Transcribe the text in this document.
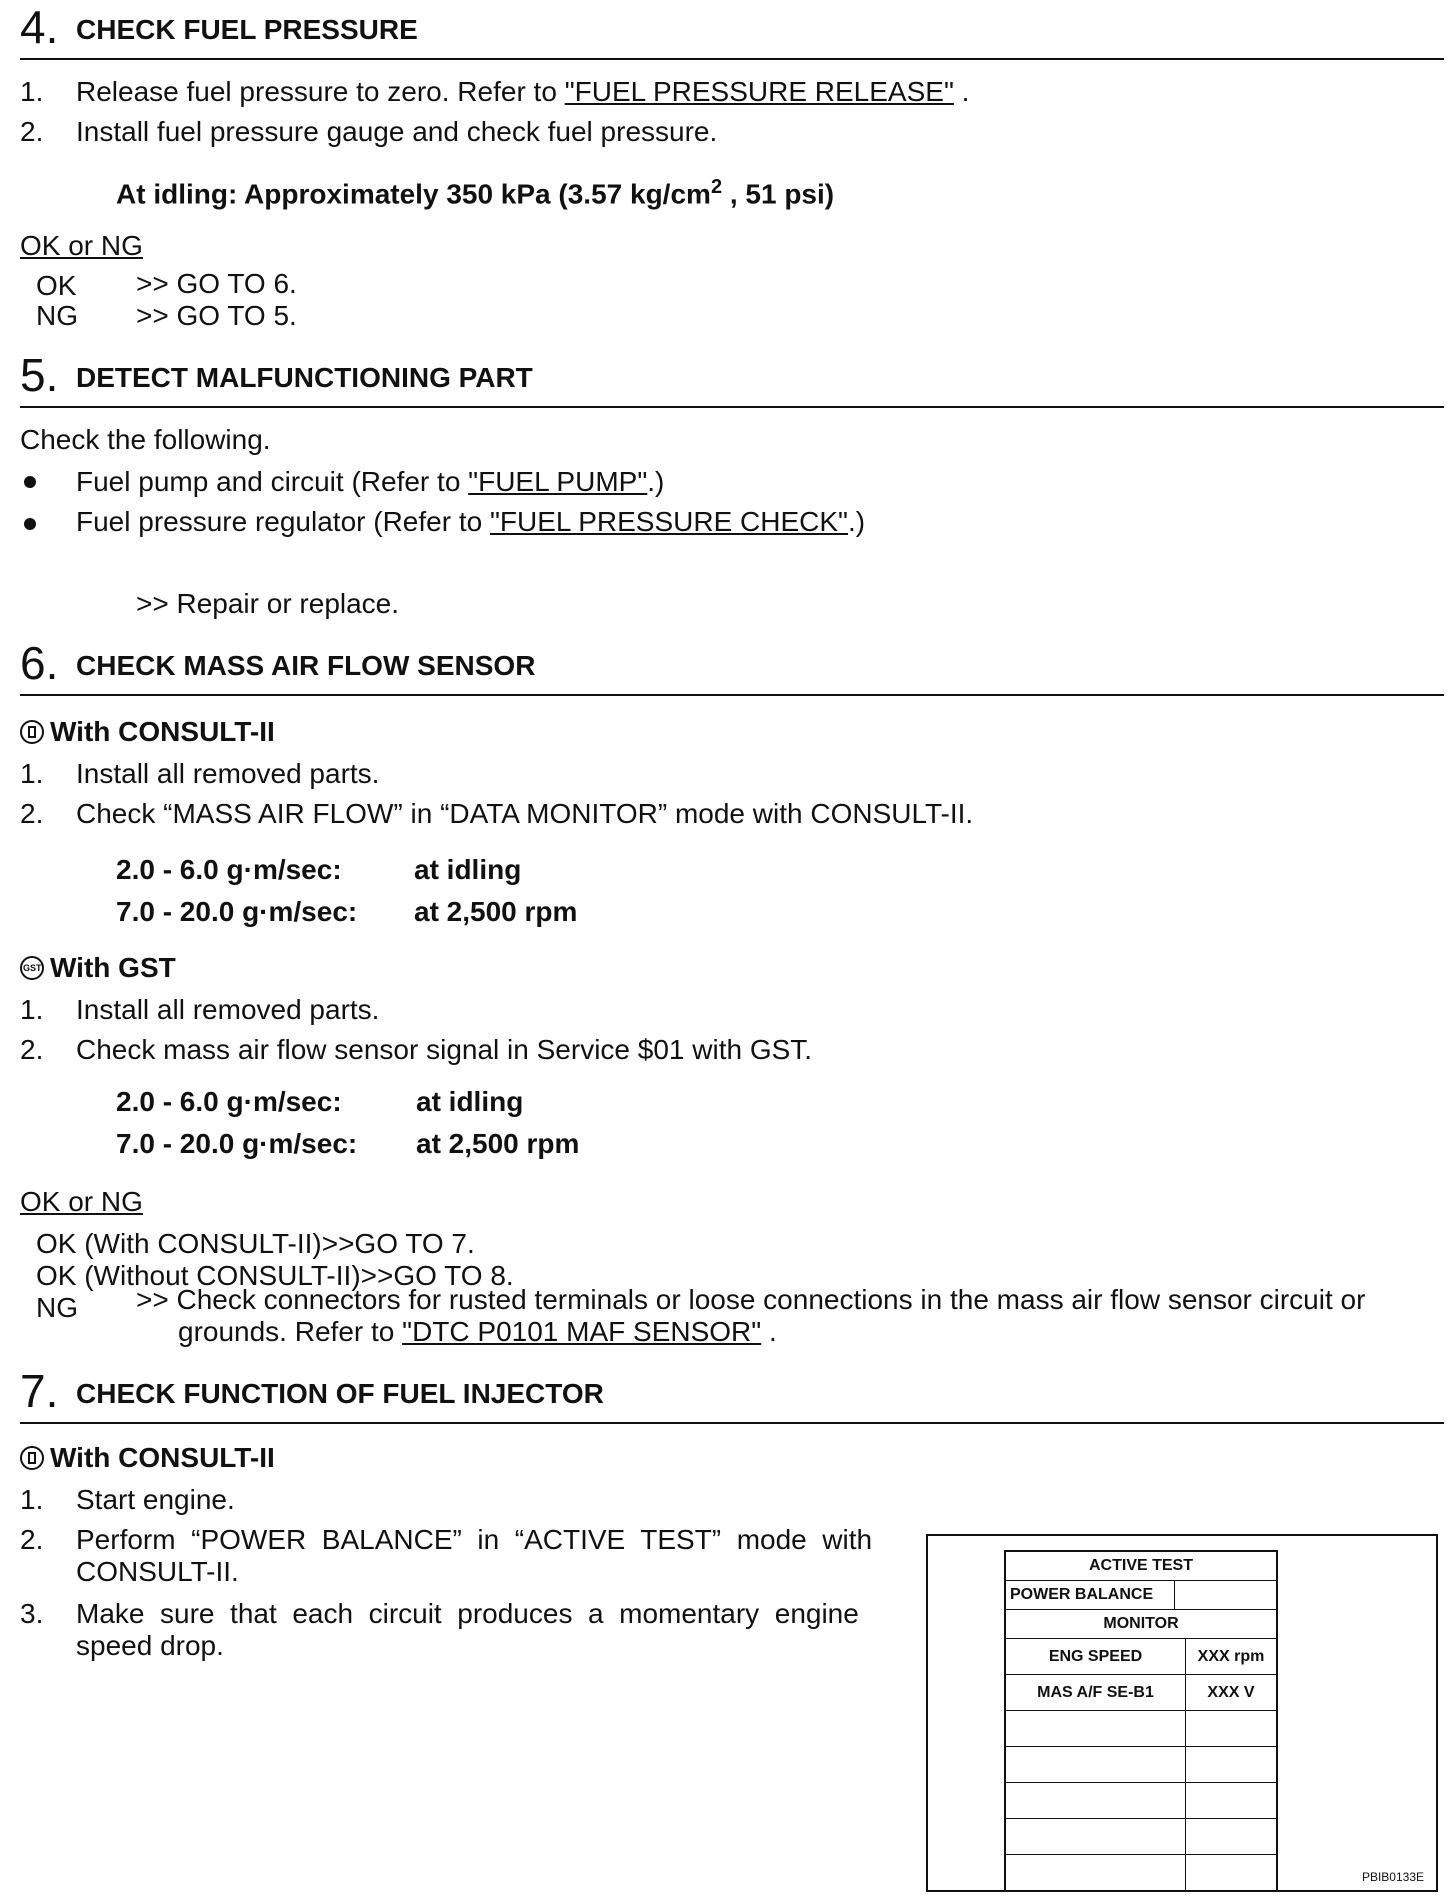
4. CHECK FUEL PRESSURE
1. Release fuel pressure to zero. Refer to "FUEL PRESSURE RELEASE" .
2. Install fuel pressure gauge and check fuel pressure.
At idling: Approximately 350 kPa (3.57 $kg/cm^2$ , 51 psi)
OK or NG
OK >> GO TO 6.
NG >> GO TO 5.
5. DETECT MALFUNCTIONING PART
Check the following.
Fuel pump and circuit (Refer to "FUEL PUMP".)
Fuel pressure regulator (Refer to "FUEL PRESSURE CHECK".)
>> Repair or replace.
6. CHECK MASS AIR FLOW SENSOR
With CONSULT-II
1. Install all removed parts.
2. Check “MASS AIR FLOW” in “DATA MONITOR” mode with CONSULT-II.
2.0 - 6.0 g·m/sec:	at idling
7.0 - 20.0 g·m/sec: at 2,500 rpm
GST With GST
1. Install all removed parts.
2. Check mass air flow sensor signal in Service $01 with GST.
2.0 - 6.0 g·m/sec:	at idling
7.0 - 20.0 g·m/sec: at 2,500 rpm
OK or NG
OK (With CONSULT-II)>>GO TO 7.
OK (Without CONSULT-II)>>GO TO 8.
NG >> Check connectors for rusted terminals or loose connections in the mass air flow sensor circuit or
grounds. Refer to "DTC P0101 MAF SENSOR" .
7. CHECK FUNCTION OF FUEL INJECTOR
With CONSULT-II
1. Start engine.
2. Perform  “POWER  BALANCE”  in  “ACTIVE  TEST”  mode  with
CONSULT-II.
3. Make  sure  that  each  circuit  produces  a  momentary  engine
speed drop.
PBIB0133E
ACTIVE TEST		
POWER BALANCE		
MONITOR		
ENG SPEED		XXX rpm
MAS A/F SE-B1		XXX V
